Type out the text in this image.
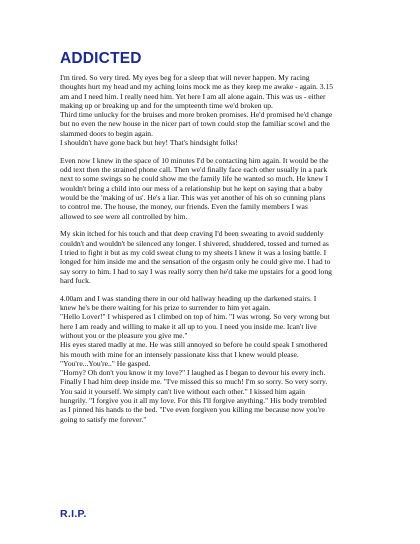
ADDICTED

I'm tired. So very tired. My eyes beg for a sleep that will never happen. My racing
thoughts hurt my head and my aching loins mock me as they keep me awake - again. 3.15
am and I need him. I really need him. Yet here I am all alone again. This was us - either
making up or breaking up and for the umpteenth time we'd broken up.
Third time unlucky for the bruises and more broken promises. He'd promised he'd change
but no even the new house in the nicer part of town could stop the familiar scowl and the
slammed doors to begin again.
I shouldn't have gone back but hey! That's hindsight folks!

Even now I knew in the space of 10 minutes I'd be contacting him again. It would be the
odd text then the strained phone call. Then we'd finally face each other usually in a park
next to some swings so he could show me the family life he wanted so much. He knew I
wouldn't bring a child into our mess of a relationship but he kept on saying that a baby
would be the 'making of us'. He's a liar. This was yet another of his oh so cunning plans
to control me. The house, the money, our friends. Even the family members I was
allowed to see were all controlled by him.

My skin itched for his touch and that deep craving I'd been sweating to avoid suddenly
couldn't and wouldn't be silenced any longer. I shivered, shuddered, tossed and turned as
I tried to fight it but as my cold sweat clung to my sheets I knew it was a losing battle. I
longed for him inside me and the sensation of the orgasm only he could give me. I had to
say sorry to him. I had to say I was really sorry then he'd take me upstairs for a good long
hard fuck.

4.00am and I was standing there in our old hallway heading up the darkened stairs. I
knew he's be there waiting for his prize to surrender to him yet again.
"Hello Lover!" I whispered as I climbed on top of him. "I was wrong. So very wrong but
here I am ready and willing to make it all up to you. I need you inside me. Ican't live
without you or the pleasure you give me."
His eyes stared madly at me. He was still annoyed so before he could speak I smothered
his mouth with mine for an intensely passionate kiss that I knew would please.
"You're...You're.." He gasped.
"Horny? Oh don't you know it my love?" I laughed as I began to devour his every inch.
Finally I had him deep inside me. "I've missed this so much! I'm so sorry. So very sorry.
You said it yourself. We simply can't live without each other." I kissed him again
hungrily. "I forgive you it all my love. For this I'll forgive anything." His body trembled
as I pinned his hands to the bed. "I've even forgiven you killing me because now you're
going to satisfy me forever."

R.I.P.
